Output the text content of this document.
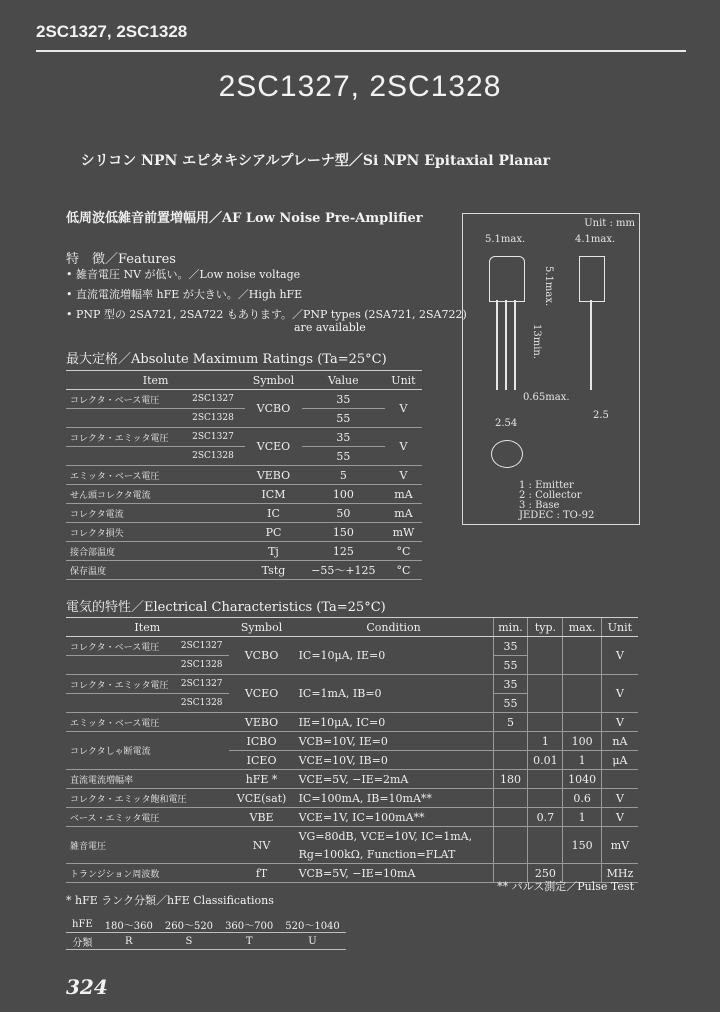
2SC1327, 2SC1328
2SC1327, 2SC1328
シリコン NPN エピタキシアルプレーナ型／Si NPN Epitaxial Planar
低周波低雑音前置増幅用／AF Low Noise Pre-Amplifier
特　徴／Features
• 雑音電圧 NV が低い。／Low noise voltage
• 直流電流増幅率 hFE が大きい。／High hFE
• PNP 型の 2SA721, 2SA722 もあります。／PNP types (2SA721, 2SA722)
are available
最大定格／Absolute Maximum Ratings (Ta=25°C)
Item		Symbol	Value	Unit
コレクタ・ベース電圧	2SC1327	VCBO	35	V
	2SC1328		55	
コレクタ・エミッタ電圧	2SC1327	VCEO	35	V
	2SC1328		55	
エミッタ・ベース電圧		VEBO	5	V
せん頭コレクタ電流		ICM	100	mA
コレクタ電流		IC	50	mA
コレクタ損失		PC	150	mW
接合部温度		Tj	125	°C
保存温度		Tstg	−55～+125	°C
Unit : mm
5.1max.	4.1max.
5.1max.
13min.
0.65max.
2.54
2.5
1 : Emitter
2 : Collector
3 : Base
JEDEC : TO-92
電気的特性／Electrical Characteristics (Ta=25°C)
Item		Symbol	Condition	min.	typ.	max.	Unit
コレクタ・ベース電圧	2SC1327	VCBO	IC=10μA, IE=0	35			V
	2SC1328			55			
コレクタ・エミッタ電圧	2SC1327	VCEO	IC=1mA, IB=0	35			V
	2SC1328			55			
エミッタ・ベース電圧		VEBO	IE=10μA, IC=0	5			V
コレクタしゃ断電流		ICBO	VCB=10V, IE=0		1	100	nA
		ICEO	VCE=10V, IB=0		0.01	1	μA
直流電流増幅率		hFE *	VCE=5V, −IE=2mA	180		1040	
コレクタ・エミッタ飽和電圧		VCE(sat)	IC=100mA, IB=10mA**			0.6	V
ベース・エミッタ電圧		VBE	VCE=1V, IC=100mA**		0.7	1	V
雑音電圧		NV	VG=80dB, VCE=10V, IC=1mA,			150	mV
			Rg=100kΩ, Function=FLAT				
トランジション周波数		fT	VCB=5V, −IE=10mA		250		MHz
** パルス測定／Pulse Test
* hFE ランク分類／hFE Classifications
hFE	180～360	260～520	360～700	520～1040
分類	R	S	T	U
324
